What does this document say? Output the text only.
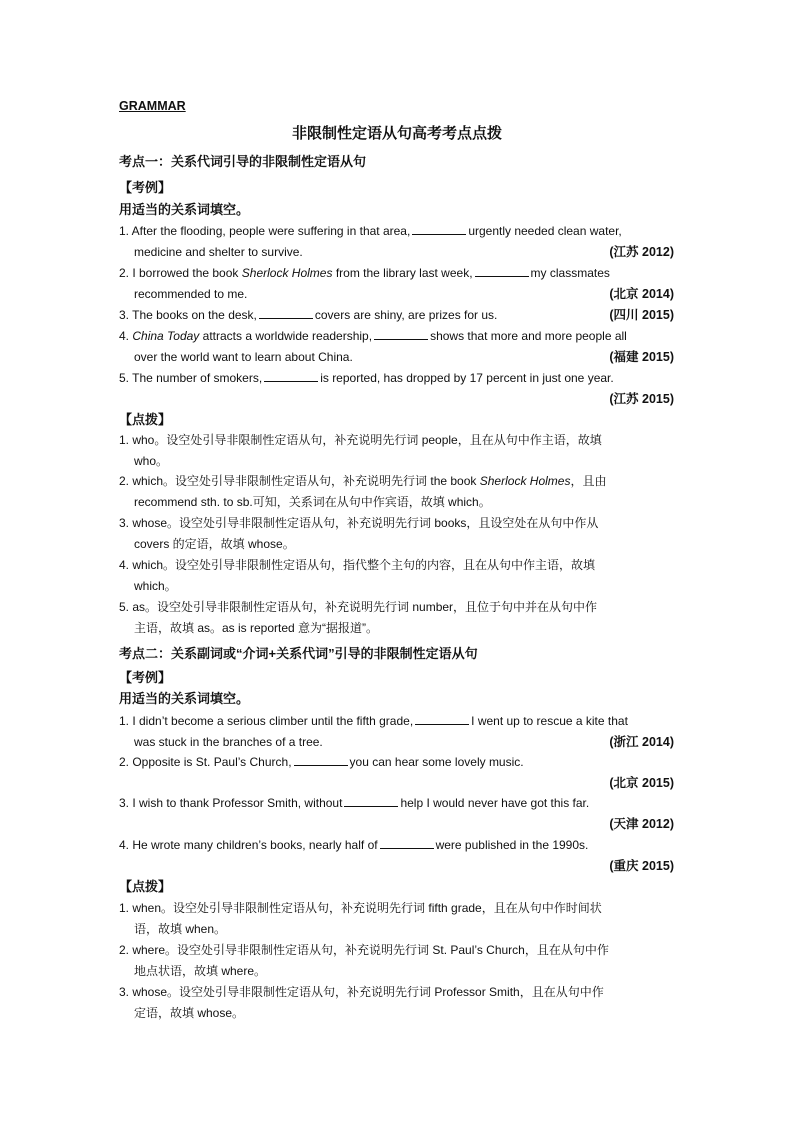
GRAMMAR
非限制性定语从句高考考点点拨
考点一：关系代词引导的非限制性定语从句
【考例】
用适当的关系词填空。
1. After the flooding, people were suffering in that area,	urgently needed clean water,
medicine and shelter to survive.	(江苏 2012)
2. I borrowed the book Sherlock Holmes from the library last week,	my classmates
recommended to me.	(北京 2014)
3. The books on the desk,	covers are shiny, are prizes for us.	(四川 2015)
4. China Today attracts a worldwide readership,	shows that more and more people all
over the world want to learn about China.	(福建 2015)
5. The number of smokers,	is reported, has dropped by 17 percent in just one year.
(江苏 2015)
【点拨】
1. who。设空处引导非限制性定语从句，补充说明先行词 people，且在从句中作主语，故填
who。
2. which。设空处引导非限制性定语从句，补充说明先行词 the book Sherlock Holmes，且由
recommend sth. to sb.可知，关系词在从句中作宾语，故填 which。
3. whose。设空处引导非限制性定语从句，补充说明先行词 books，且设空处在从句中作从
covers 的定语，故填 whose。
4. which。设空处引导非限制性定语从句，指代整个主句的内容，且在从句中作主语，故填
which。
5. as。设空处引导非限制性定语从句，补充说明先行词 number，且位于句中并在从句中作
主语，故填 as。as is reported 意为“据报道”。
考点二：关系副词或“介词+关系代词”引导的非限制性定语从句
【考例】
用适当的关系词填空。
1. I didn’t become a serious climber until the fifth grade,	I went up to rescue a kite that
was stuck in the branches of a tree.	(浙江 2014)
2. Opposite is St. Paul’s Church,	you can hear some lovely music.
(北京 2015)
3. I wish to thank Professor Smith, without	help I would never have got this far.
(天津 2012)
4. He wrote many children’s books, nearly half of	were published in the 1990s.
(重庆 2015)
【点拨】
1. when。设空处引导非限制性定语从句，补充说明先行词 fifth grade，且在从句中作时间状
语，故填 when。
2. where。设空处引导非限制性定语从句，补充说明先行词 St. Paul’s Church，且在从句中作
地点状语，故填 where。
3. whose。设空处引导非限制性定语从句，补充说明先行词 Professor Smith，且在从句中作
定语，故填 whose。
